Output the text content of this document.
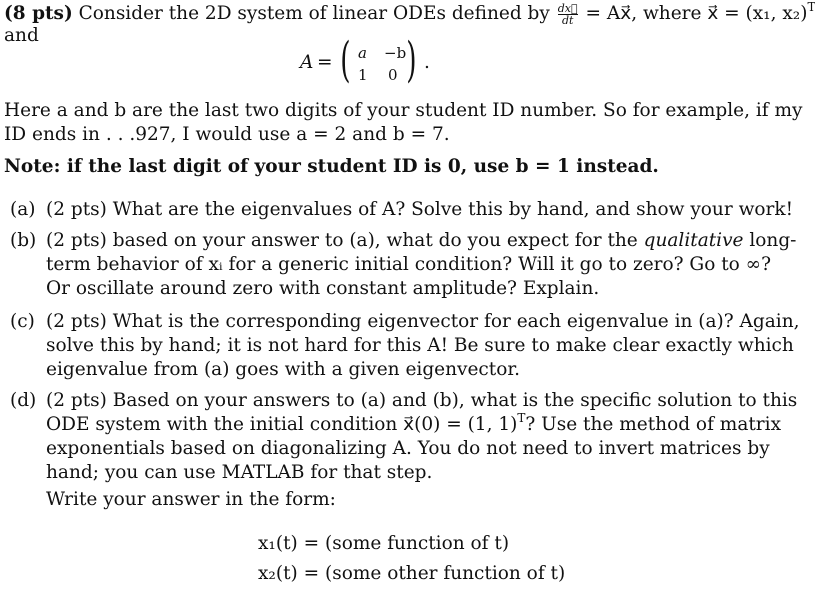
(8 pts) Consider the 2D system of linear ODEs defined by $\frac{dx⃗}{dt}$ = Ax⃗, where x⃗ = (x₁, x₂)$^T$
and
A = ( a −b
1 0 ) .
Here a and b are the last two digits of your student ID number. So for example, if my
ID ends in . . .927, I would use a = 2 and b = 7.
Note: if the last digit of your student ID is 0, use b = 1 instead.
(a) (2 pts) What are the eigenvalues of A? Solve this by hand, and show your work!
(b) (2 pts) based on your answer to (a), what do you expect for the qualitative long-
term behavior of xᵢ for a generic initial condition? Will it go to zero? Go to ∞?
Or oscillate around zero with constant amplitude? Explain.
(c) (2 pts) What is the corresponding eigenvector for each eigenvalue in (a)? Again,
solve this by hand; it is not hard for this A! Be sure to make clear exactly which
eigenvalue from (a) goes with a given eigenvector.
(d) (2 pts) Based on your answers to (a) and (b), what is the specific solution to this
ODE system with the initial condition x⃗(0) = (1, 1)$^T$? Use the method of matrix
exponentials based on diagonalizing A. You do not need to invert matrices by
hand; you can use MATLAB for that step.
Write your answer in the form:
x₁(t) = (some function of t)
x₂(t) = (some other function of t)
